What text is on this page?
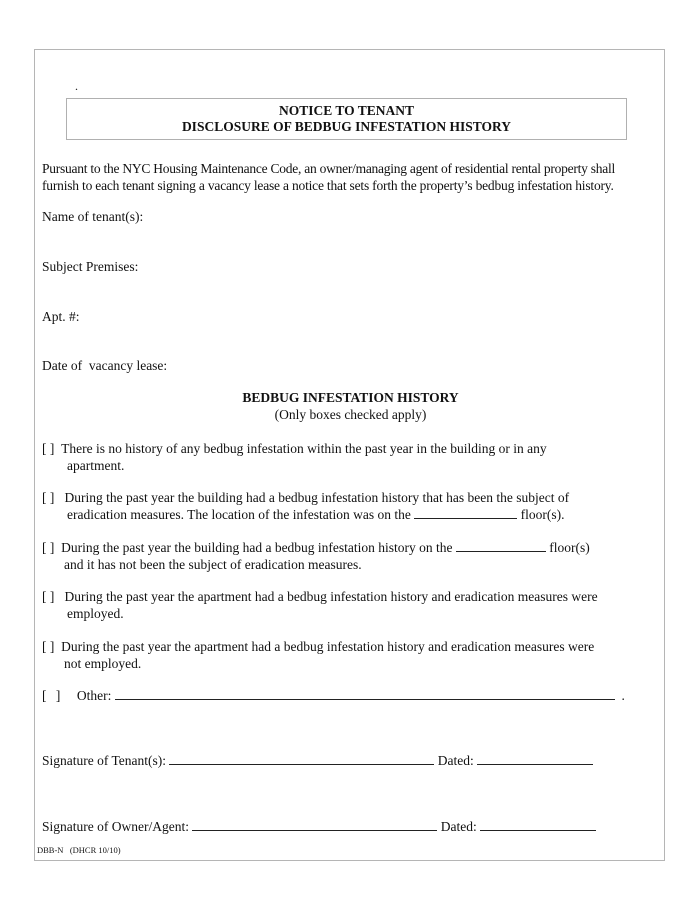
.
NOTICE TO TENANT
DISCLOSURE OF BEDBUG INFESTATION HISTORY
Pursuant to the NYC Housing Maintenance Code, an owner/managing agent of residential rental property shall
furnish to each tenant signing a vacancy lease a notice that sets forth the property’s bedbug infestation history.
Name of tenant(s):
Subject Premises:
Apt. #:
Date of  vacancy lease:
BEDBUG INFESTATION HISTORY
(Only boxes checked apply)
[ ] There is no history of any bedbug infestation within the past year in the building or in any
apartment.
[ ] During the past year the building had a bedbug infestation history that has been the subject of
eradication measures. The location of the infestation was on the	floor(s).
[ ] During the past year the building had a bedbug infestation history on the	floor(s)
and it has not been the subject of eradication measures.
[ ] During the past year the apartment had a bedbug infestation history and eradication measures were
employed.
[ ] During the past year the apartment had a bedbug infestation history and eradication measures were
not employed.
[ ] Other:	.
Signature of Tenant(s):	Dated:
Signature of Owner/Agent:	Dated:
DBB-N   (DHCR 10/10)
